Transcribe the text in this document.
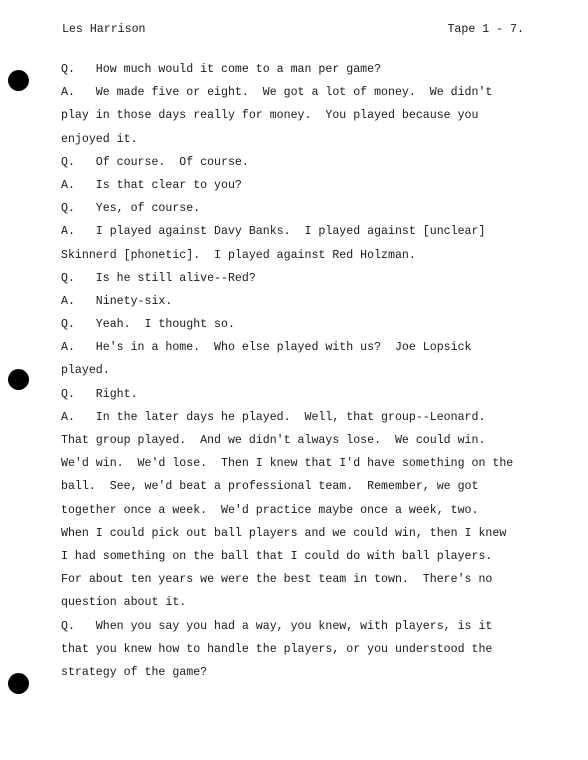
Les Harrison	Tape 1 - 7.
Q.   How much would it come to a man per game?
A.   We made five or eight.  We got a lot of money.  We didn't
play in those days really for money.  You played because you
enjoyed it.
Q.   Of course.  Of course.
A.   Is that clear to you?
Q.   Yes, of course.
A.   I played against Davy Banks.  I played against [unclear]
Skinnerd [phonetic].  I played against Red Holzman.
Q.   Is he still alive--Red?
A.   Ninety-six.
Q.   Yeah.  I thought so.
A.   He's in a home.  Who else played with us?  Joe Lopsick
played.
Q.   Right.
A.   In the later days he played.  Well, that group--Leonard.
That group played.  And we didn't always lose.  We could win.
We'd win.  We'd lose.  Then I knew that I'd have something on the
ball.  See, we'd beat a professional team.  Remember, we got
together once a week.  We'd practice maybe once a week, two.
When I could pick out ball players and we could win, then I knew
I had something on the ball that I could do with ball players.
For about ten years we were the best team in town.  There's no
question about it.
Q.   When you say you had a way, you knew, with players, is it
that you knew how to handle the players, or you understood the
strategy of the game?
